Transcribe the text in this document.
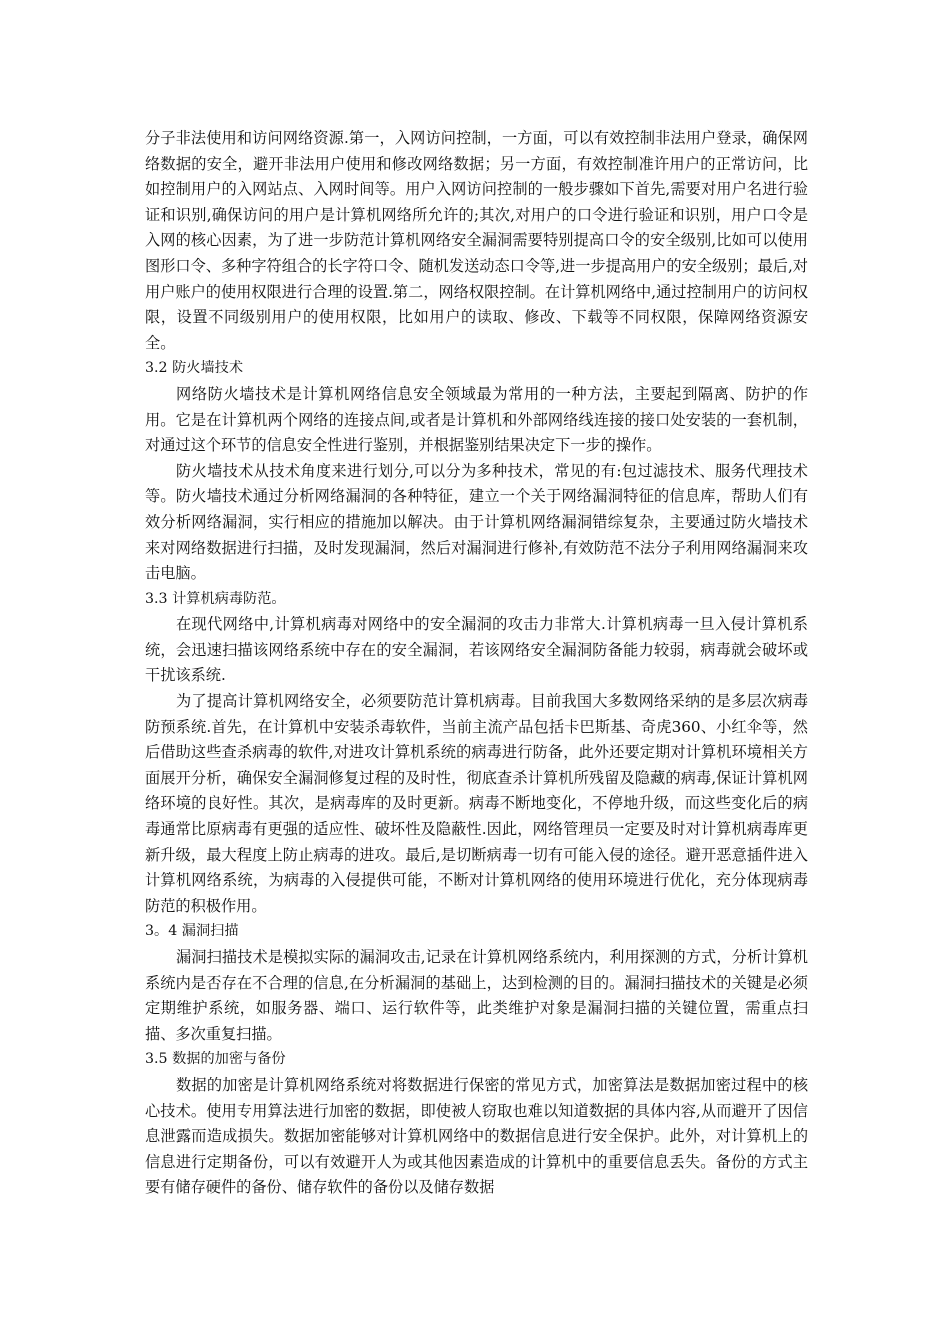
分子非法使用和访问网络资源.第一，入网访问控制，一方面，可以有效控制非法用户登录，确保网络数据的安全，避开非法用户使用和修改网络数据；另一方面，有效控制准许用户的正常访问，比如控制用户的入网站点、入网时间等。用户入网访问控制的一般步骤如下首先,需要对用户名进行验证和识别,确保访问的用户是计算机网络所允许的;其次,对用户的口令进行验证和识别，用户口令是入网的核心因素，为了进一步防范计算机网络安全漏洞需要特别提高口令的安全级别,比如可以使用图形口令、多种字符组合的长字符口令、随机发送动态口令等,进一步提高用户的安全级别；最后,对用户账户的使用权限进行合理的设置.第二，网络权限控制。在计算机网络中,通过控制用户的访问权限，设置不同级别用户的使用权限，比如用户的读取、修改、下载等不同权限，保障网络资源安全。

3.2 防火墙技术

网络防火墙技术是计算机网络信息安全领域最为常用的一种方法，主要起到隔离、防护的作用。它是在计算机两个网络的连接点间,或者是计算机和外部网络线连接的接口处安装的一套机制，对通过这个环节的信息安全性进行鉴别，并根据鉴别结果决定下一步的操作。

防火墙技术从技术角度来进行划分,可以分为多种技术，常见的有:包过滤技术、服务代理技术等。防火墙技术通过分析网络漏洞的各种特征，建立一个关于网络漏洞特征的信息库，帮助人们有效分析网络漏洞，实行相应的措施加以解决。由于计算机网络漏洞错综复杂，主要通过防火墙技术来对网络数据进行扫描，及时发现漏洞，然后对漏洞进行修补,有效防范不法分子利用网络漏洞来攻击电脑。

3.3 计算机病毒防范。

在现代网络中,计算机病毒对网络中的安全漏洞的攻击力非常大.计算机病毒一旦入侵计算机系统，会迅速扫描该网络系统中存在的安全漏洞，若该网络安全漏洞防备能力较弱，病毒就会破坏或干扰该系统.

为了提高计算机网络安全，必须要防范计算机病毒。目前我国大多数网络采纳的是多层次病毒防预系统.首先，在计算机中安装杀毒软件，当前主流产品包括卡巴斯基、奇虎360、小红伞等，然后借助这些查杀病毒的软件,对进攻计算机系统的病毒进行防备，此外还要定期对计算机环境相关方面展开分析，确保安全漏洞修复过程的及时性，彻底查杀计算机所残留及隐藏的病毒,保证计算机网络环境的良好性。其次，是病毒库的及时更新。病毒不断地变化，不停地升级，而这些变化后的病毒通常比原病毒有更强的适应性、破坏性及隐蔽性.因此，网络管理员一定要及时对计算机病毒库更新升级，最大程度上防止病毒的进攻。最后,是切断病毒一切有可能入侵的途径。避开恶意插件进入计算机网络系统，为病毒的入侵提供可能，不断对计算机网络的使用环境进行优化，充分体现病毒防范的积极作用。

3。4 漏洞扫描

漏洞扫描技术是模拟实际的漏洞攻击,记录在计算机网络系统内，利用探测的方式，分析计算机系统内是否存在不合理的信息,在分析漏洞的基础上，达到检测的目的。漏洞扫描技术的关键是必须定期维护系统，如服务器、端口、运行软件等，此类维护对象是漏洞扫描的关键位置，需重点扫描、多次重复扫描。

3.5 数据的加密与备份

数据的加密是计算机网络系统对将数据进行保密的常见方式，加密算法是数据加密过程中的核心技术。使用专用算法进行加密的数据，即使被人窃取也难以知道数据的具体内容,从而避开了因信息泄露而造成损失。数据加密能够对计算机网络中的数据信息进行安全保护。此外，对计算机上的信息进行定期备份，可以有效避开人为或其他因素造成的计算机中的重要信息丢失。备份的方式主要有储存硬件的备份、储存软件的备份以及储存数据
